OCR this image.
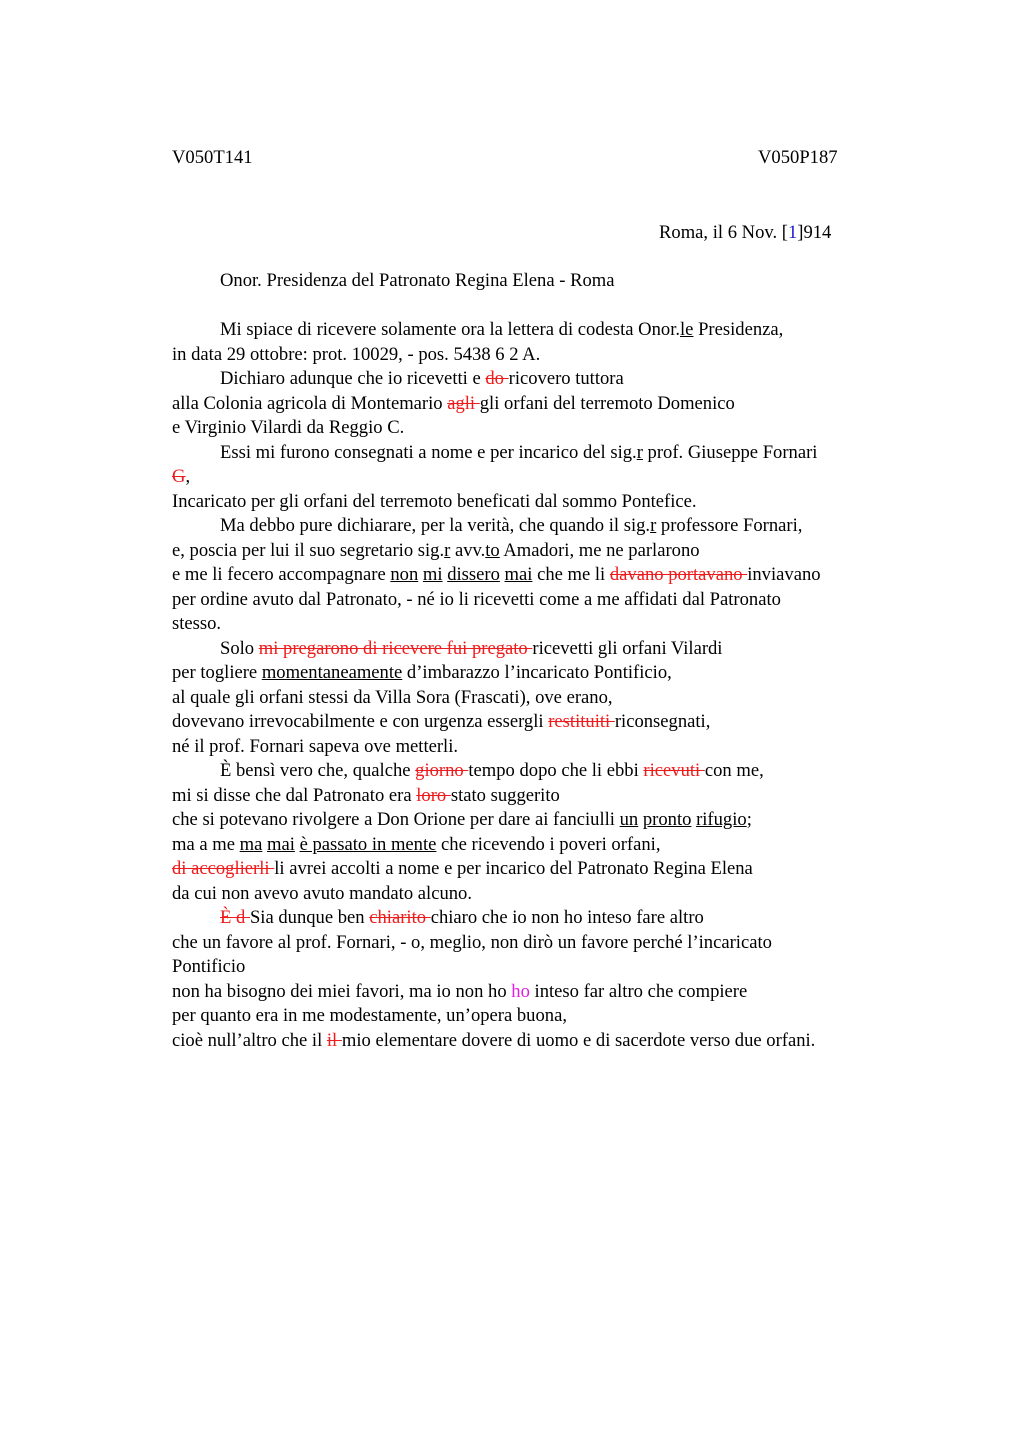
V050T141	V050P187
Roma, il 6 Nov. [1]914
Onor. Presidenza del Patronato Regina Elena - Roma
Mi spiace di ricevere solamente ora la lettera di codesta Onor.le Presidenza,
in data 29 ottobre: prot. 10029, - pos. 5438 6 2 A.
Dichiaro adunque che io ricevetti e do ricovero tuttora
alla Colonia agricola di Montemario agli gli orfani del terremoto Domenico
e Virginio Vilardi da Reggio C.
Essi mi furono consegnati a nome e per incarico del sig.r prof. Giuseppe Fornari
G,
Incaricato per gli orfani del terremoto beneficati dal sommo Pontefice.
Ma debbo pure dichiarare, per la verità, che quando il sig.r professore Fornari,
e, poscia per lui il suo segretario sig.r avv.to Amadori, me ne parlarono
e me li fecero accompagnare non mi dissero mai che me li davano portavano inviavano
per ordine avuto dal Patronato, - né io li ricevetti come a me affidati dal Patronato
stesso.
Solo mi pregarono di ricevere fui pregato ricevetti gli orfani Vilardi
per togliere momentaneamente d’imbarazzo l’incaricato Pontificio,
al quale gli orfani stessi da Villa Sora (Frascati), ove erano,
dovevano irrevocabilmente e con urgenza essergli restituiti riconsegnati,
né il prof. Fornari sapeva ove metterli.
È bensì vero che, qualche giorno tempo dopo che li ebbi ricevuti con me,
mi si disse che dal Patronato era loro stato suggerito
che si potevano rivolgere a Don Orione per dare ai fanciulli un pronto rifugio;
ma a me ma mai è passato in mente che ricevendo i poveri orfani,
di accoglierli li avrei accolti a nome e per incarico del Patronato Regina Elena
da cui non avevo avuto mandato alcuno.
È d Sia dunque ben chiarito chiaro che io non ho inteso fare altro
che un favore al prof. Fornari, - o, meglio, non dirò un favore perché l’incaricato
Pontificio
non ha bisogno dei miei favori, ma io non ho ho inteso far altro che compiere
per quanto era in me modestamente, un’opera buona,
cioè null’altro che il il mio elementare dovere di uomo e di sacerdote verso due orfani.
